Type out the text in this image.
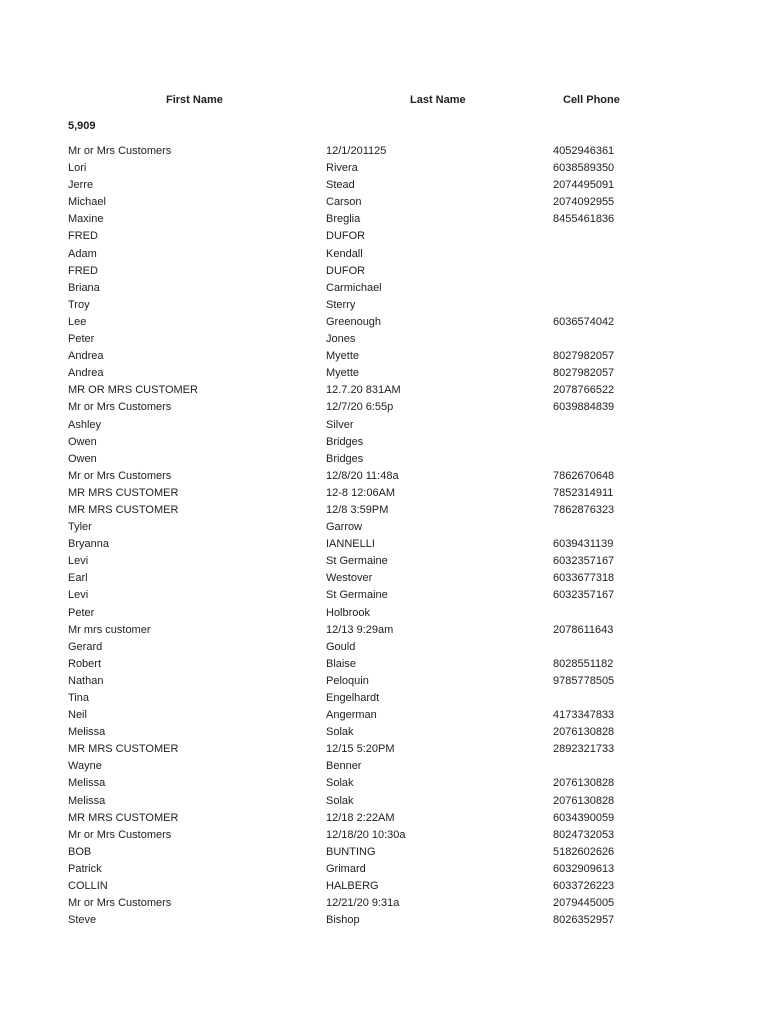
First Name	Last Name	Cell Phone
5,909
Mr or Mrs Customers	12/1/201125	4052946361
Lori	Rivera	6038589350
Jerre	Stead	2074495091
Michael	Carson	2074092955
Maxine	Breglia	8455461836
FRED	DUFOR
Adam	Kendall
FRED	DUFOR
Briana	Carmichael
Troy	Sterry
Lee	Greenough	6036574042
Peter	Jones
Andrea	Myette	8027982057
Andrea	Myette	8027982057
MR OR MRS CUSTOMER	12.7.20 831AM	2078766522
Mr or Mrs Customers	12/7/20 6:55p	6039884839
Ashley	Silver
Owen	Bridges
Owen	Bridges
Mr or Mrs Customers	12/8/20 11:48a	7862670648
MR MRS CUSTOMER	12-8 12:06AM	7852314911
MR MRS CUSTOMER	12/8 3:59PM	7862876323
Tyler	Garrow
Bryanna	IANNELLI	6039431139
Levi	St Germaine	6032357167
Earl	Westover	6033677318
Levi	St Germaine	6032357167
Peter	Holbrook
Mr mrs customer	12/13 9:29am	2078611643
Gerard	Gould
Robert	Blaise	8028551182
Nathan	Peloquin	9785778505
Tina	Engelhardt
Neil	Angerman	4173347833
Melissa	Solak	2076130828
MR MRS CUSTOMER	12/15 5:20PM	2892321733
Wayne	Benner
Melissa	Solak	2076130828
Melissa	Solak	2076130828
MR MRS CUSTOMER	12/18 2:22AM	6034390059
Mr or Mrs Customers	12/18/20 10:30a	8024732053
BOB	BUNTING	5182602626
Patrick	Grimard	6032909613
COLLIN	HALBERG	6033726223
Mr or Mrs Customers	12/21/20 9:31a	2079445005
Steve	Bishop	8026352957
